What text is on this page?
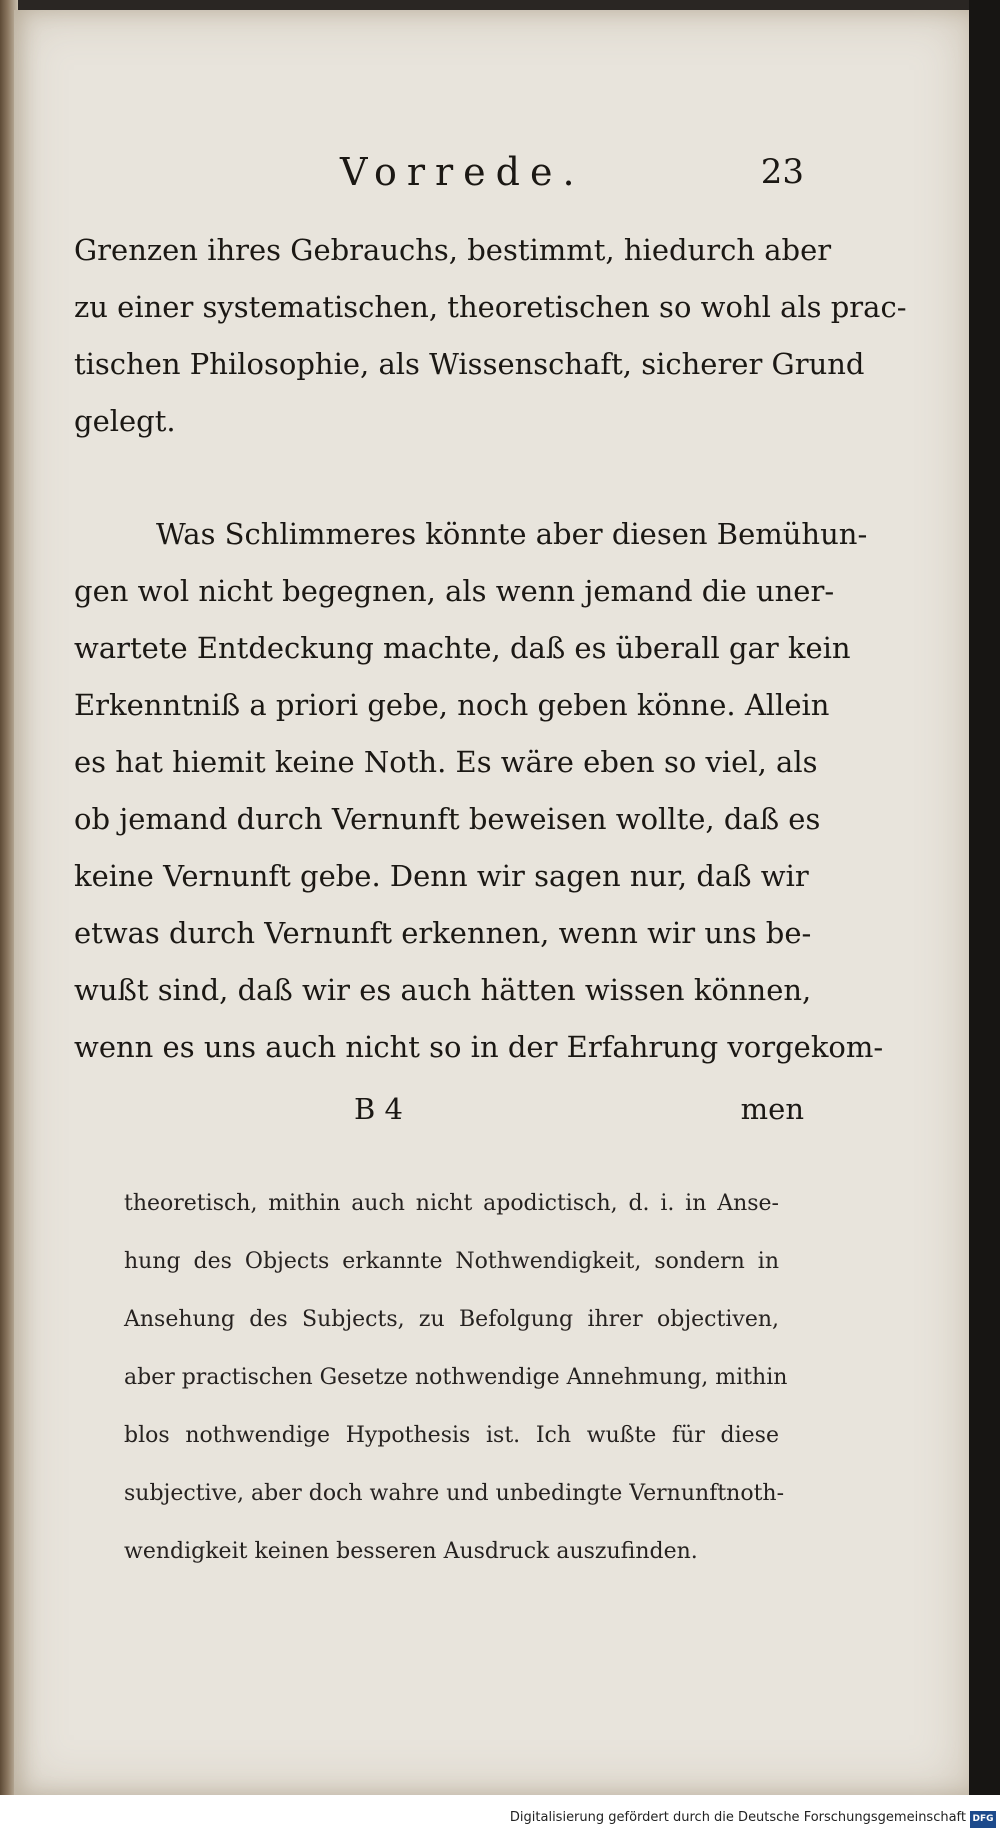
Vorrede.	23
Grenzen ihres Gebrauchs, bestimmt, hiedurch aber
zu einer systematischen, theoretischen so wohl als prac-
tischen Philosophie, als Wissenschaft, sicherer Grund
gelegt.
Was Schlimmeres könnte aber diesen Bemühun-
gen wol nicht begegnen, als wenn jemand die uner-
wartete Entdeckung machte, daß es überall gar kein
Erkenntniß a priori gebe, noch geben könne. Allein
es hat hiemit keine Noth. Es wäre eben so viel, als
ob jemand durch Vernunft beweisen wollte, daß es
keine Vernunft gebe. Denn wir sagen nur, daß wir
etwas durch Vernunft erkennen, wenn wir uns be-
wußt sind, daß wir es auch hätten wissen können,
wenn es uns auch nicht so in der Erfahrung vorgekom-
B 4	men
theoretisch, mithin auch nicht apodictisch, d. i. in Anse-
hung des Objects erkannte Nothwendigkeit, sondern in
Ansehung des Subjects, zu Befolgung ihrer objectiven,
aber practischen Gesetze nothwendige Annehmung, mithin
blos nothwendige Hypothesis ist. Ich wußte für diese
subjective, aber doch wahre und unbedingte Vernunftnoth-
wendigkeit keinen besseren Ausdruck auszufinden.
Digitalisierung gefördert durch die Deutsche Forschungsgemeinschaft DFG
